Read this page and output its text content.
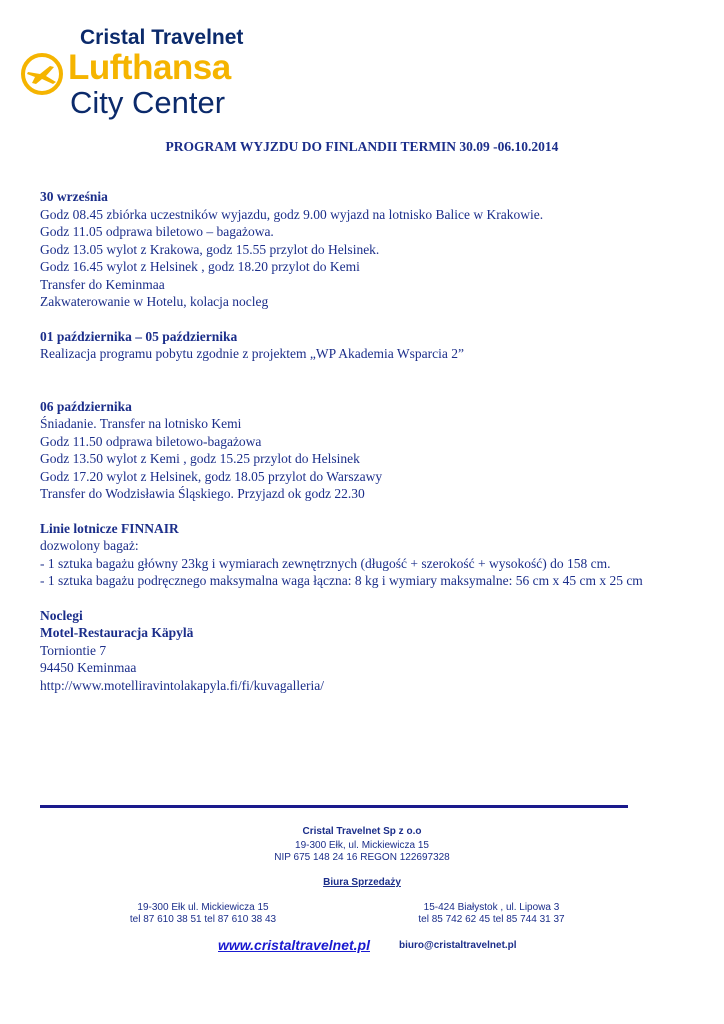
Cristal Travelnet
Lufthansa
City Center
PROGRAM WYJZDU DO FINLANDII TERMIN 30.09 -06.10.2014
30 września
Godz 08.45 zbiórka uczestników wyjazdu, godz 9.00 wyjazd na lotnisko Balice w Krakowie.
Godz 11.05 odprawa biletowo – bagażowa.
Godz 13.05 wylot z Krakowa, godz 15.55 przylot do Helsinek.
Godz 16.45 wylot z Helsinek , godz 18.20 przylot do Kemi
Transfer do Keminmaa
Zakwaterowanie w Hotelu, kolacja nocleg
01 października – 05 października
Realizacja programu pobytu zgodnie z projektem „WP Akademia Wsparcia 2”
06 października
Śniadanie. Transfer na lotnisko Kemi
Godz 11.50 odprawa biletowo-bagażowa
Godz 13.50 wylot z Kemi , godz 15.25 przylot do Helsinek
Godz 17.20 wylot z Helsinek, godz 18.05 przylot do Warszawy
Transfer do Wodzisławia Śląskiego. Przyjazd ok godz 22.30
Linie lotnicze FINNAIR
dozwolony bagaż:
- 1 sztuka bagażu główny 23kg i wymiarach zewnętrznych (długość + szerokość + wysokość) do 158 cm.
- 1 sztuka bagażu podręcznego maksymalna waga łączna: 8 kg i wymiary maksymalne: 56 cm x 45 cm x 25 cm
Noclegi
Motel-Restauracja Käpylä
Torniontie 7
94450 Keminmaa
http://www.motelliravintolakapyla.fi/fi/kuvagalleria/
Cristal Travelnet Sp z o.o
19-300 Ełk, ul. Mickiewicza 15
NIP 675 148 24 16 REGON 122697328
Biura Sprzedaży
19-300 Ełk ul. Mickiewicza 15
tel 87 610 38 51 tel 87 610 38 43
15-424 Białystok , ul. Lipowa 3
tel 85 742 62 45 tel 85 744 31 37
www.cristaltravelnet.pl	biuro@cristaltravelnet.pl
